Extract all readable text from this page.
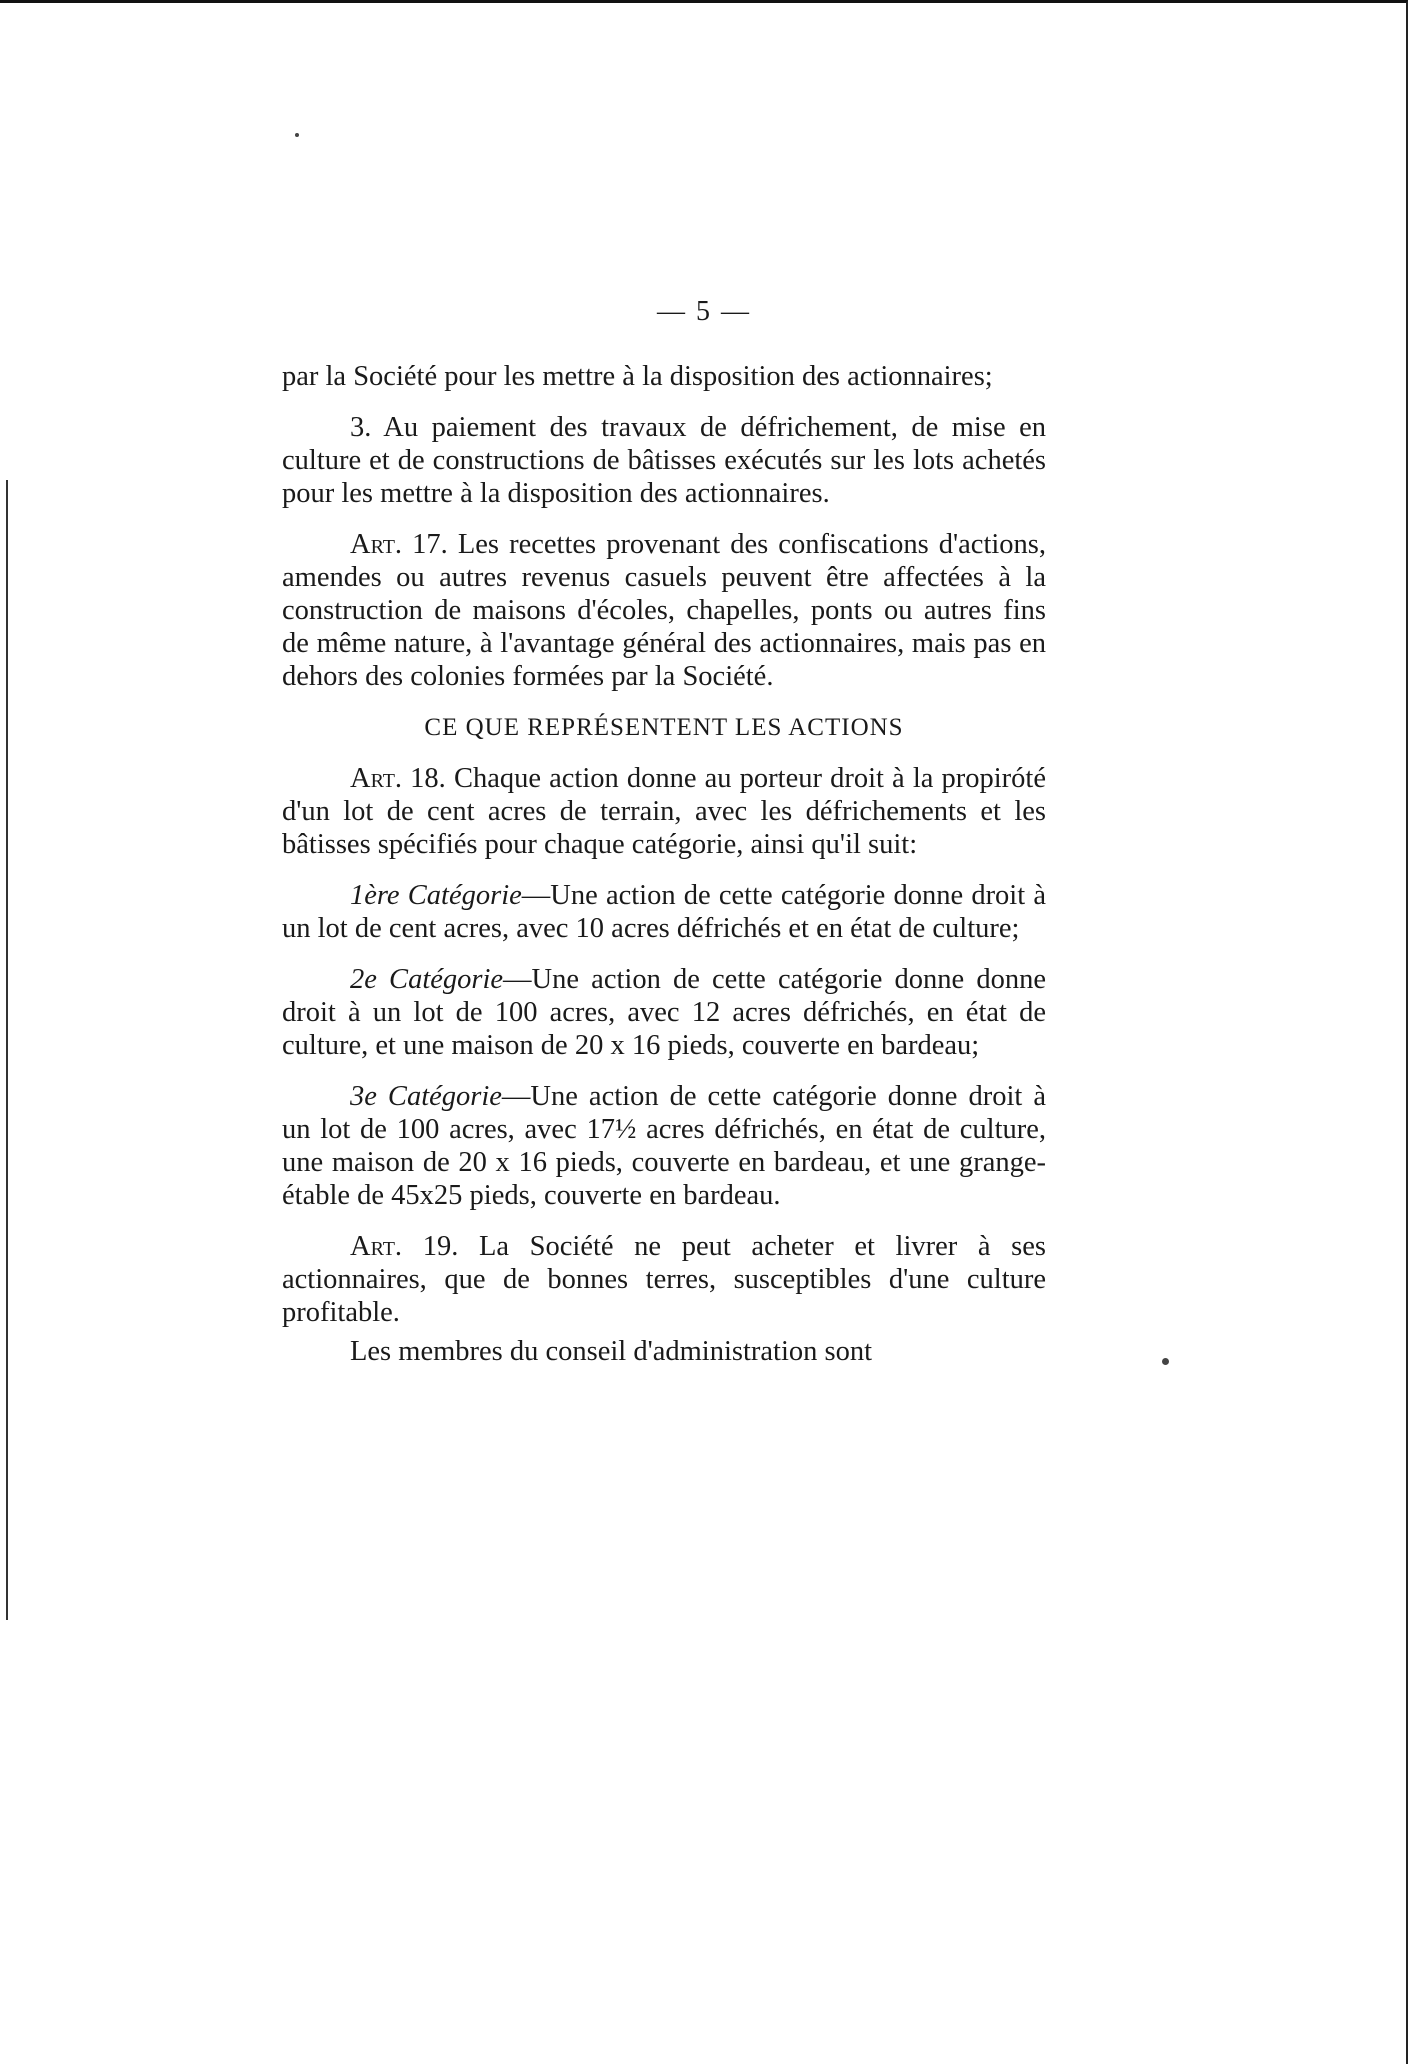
— 5 —

par la Société pour les mettre à la disposition des actionnaires;

3. Au paiement des travaux de défrichement, de mise en culture et de constructions de bâtisses exécutés sur les lots achetés pour les mettre à la disposition des actionnaires.

Art. 17. Les recettes provenant des confiscations d'actions, amendes ou autres revenus casuels peuvent être affectées à la construction de maisons d'écoles, chapelles, ponts ou autres fins de même nature, à l'avantage général des actionnaires, mais pas en dehors des colonies formées par la Société.

CE QUE REPRÉSENTENT LES ACTIONS

Art. 18. Chaque action donne au porteur droit à la propiróté d'un lot de cent acres de terrain, avec les défrichements et les bâtisses spécifiés pour chaque catégorie, ainsi qu'il suit:

1ère Catégorie—Une action de cette catégorie donne droit à un lot de cent acres, avec 10 acres défrichés et en état de culture;

2e Catégorie—Une action de cette catégorie donne donne droit à un lot de 100 acres, avec 12 acres défrichés, en état de culture, et une maison de 20 x 16 pieds, couverte en bardeau;

3e Catégorie—Une action de cette catégorie donne droit à un lot de 100 acres, avec 17½ acres défrichés, en état de culture, une maison de 20 x 16 pieds, couverte en bardeau, et une grange-étable de 45x25 pieds, couverte en bardeau.

Art. 19. La Société ne peut acheter et livrer à ses actionnaires, que de bonnes terres, susceptibles d'une culture profitable.

Les membres du conseil d'administration sont
